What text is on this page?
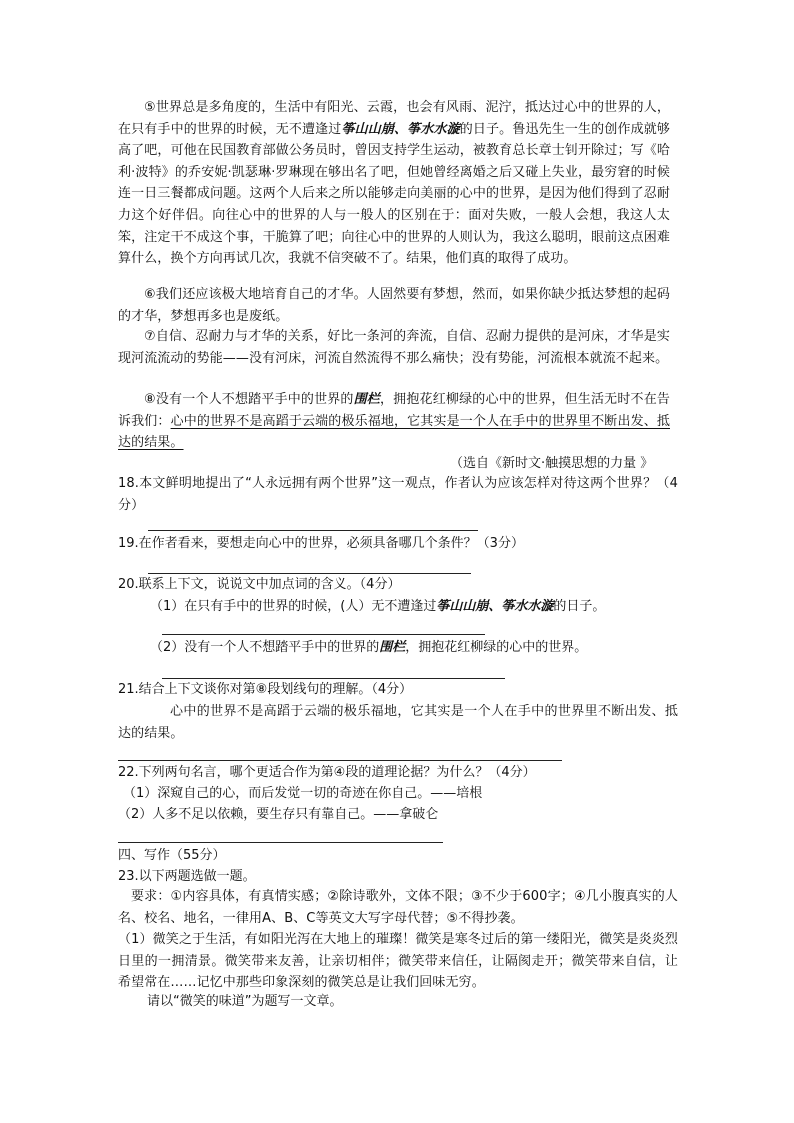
⑤世界总是多角度的，生活中有阳光、云霞，也会有风雨、泥泞，抵达过心中的世界的人，在只有手中的世界的时候，无不遭逢过筝山山崩、筝水水漩的日子。鲁迅先生一生的创作成就够高了吧，可他在民国教育部做公务员时，曾因支持学生运动，被教育总长章士钊开除过；写《哈利·波特》的乔安妮·凯瑟琳·罗琳现在够出名了吧，但她曾经离婚之后又碰上失业，最穷窘的时候连一日三餐都成问题。这两个人后来之所以能够走向美丽的心中的世界，是因为他们得到了忍耐力这个好伴侣。向往心中的世界的人与一般人的区别在于：面对失败，一般人会想，我这人太笨，注定干不成这个事，干脆算了吧；向往心中的世界的人则认为，我这么聪明，眼前这点困难算什么，换个方向再试几次，我就不信突破不了。结果，他们真的取得了成功。

⑥我们还应该极大地培育自己的才华。人固然要有梦想，然而，如果你缺少抵达梦想的起码的才华，梦想再多也是废纸。

⑦自信、忍耐力与才华的关系，好比一条河的奔流，自信、忍耐力提供的是河床，才华是实现河流流动的势能——没有河床，河流自然流得不那么痛快；没有势能，河流根本就流不起来。

⑧没有一个人不想踏平手中的世界的围栏，拥抱花红柳绿的心中的世界，但生活无时不在告诉我们：心中的世界不是高蹈于云端的极乐福地，它其实是一个人在手中的世界里不断出发、抵达的结果。

（选自《新时文·触摸思想的力量 》

18.本文鲜明地提出了“人永远拥有两个世界”这一观点，作者认为应该怎样对待这两个世界？（4分）

19.在作者看来，要想走向心中的世界，必须具备哪几个条件？（3分）
20.联系上下文，说说文中加点词的含义。（4分）
（1）在只有手中的世界的时候，(人）无不遭逢过筝山山崩、筝水水漩的日子。
（2）没有一个人不想踏平手中的世界的围栏，拥抱花红柳绿的心中的世界。
21.结合上下文谈你对第⑧段划线句的理解。（4分）

心中的世界不是高蹈于云端的极乐福地，它其实是一个人在手中的世界里不断出发、抵达的结果。

22.下列两句名言，哪个更适合作为第④段的道理论据？为什么？（4分）
（1）深窥自己的心，而后发觉一切的奇迹在你自己。——培根
（2）人多不足以依赖，要生存只有靠自己。——拿破仑
四、写作（55分）
23.以下两题选做一题。

要求：①内容具体，有真情实感；②除诗歌外，文体不限；③不少于600字；④几小腹真实的人名、校名、地名，一律用A、B、C等英文大写字母代替；⑤不得抄袭。

（1）微笑之于生活，有如阳光泻在大地上的璀璨！微笑是寒冬过后的第一缕阳光，微笑是炎炎烈日里的一拥清景。微笑带来友善，让亲切相伴；微笑带来信任，让隔阂走开；微笑带来自信，让希望常在……记忆中那些印象深刻的微笑总是让我们回味无穷。

请以“微笑的味道”为题写一文章。
